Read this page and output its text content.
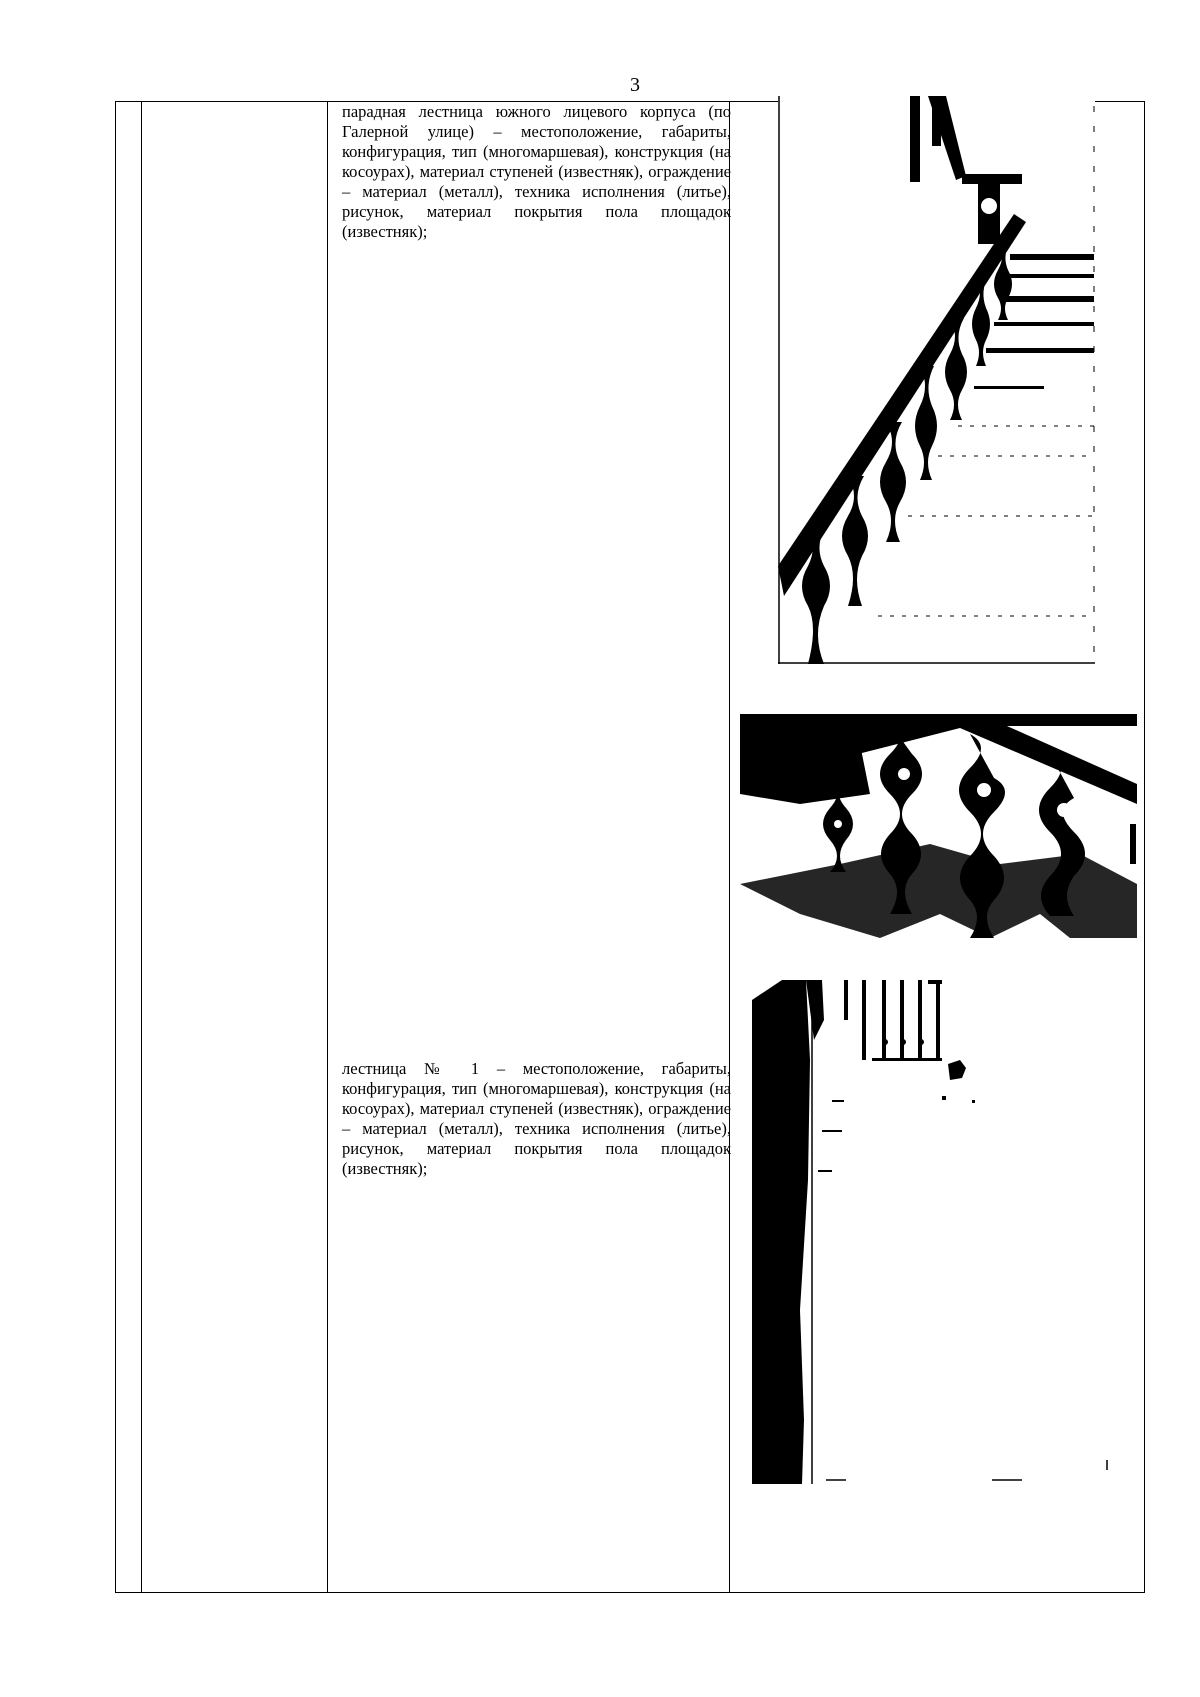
3
парадная лестница южного лицевого корпуса (по Галерной улице) – местоположение, габариты, конфигурация, тип (многомаршевая), конструкция (на косоурах), материал ступеней (известняк), ограждение – материал (металл), техника исполнения (литье), рисунок, материал покрытия пола площадок (известняк);
лестница № 1 – местоположение, габариты, конфигурация, тип (многомаршевая), конструкция (на косоурах), материал ступеней (известняк), ограждение – материал (металл), техника исполнения (литье), рисунок, материал покрытия пола площадок (известняк);
